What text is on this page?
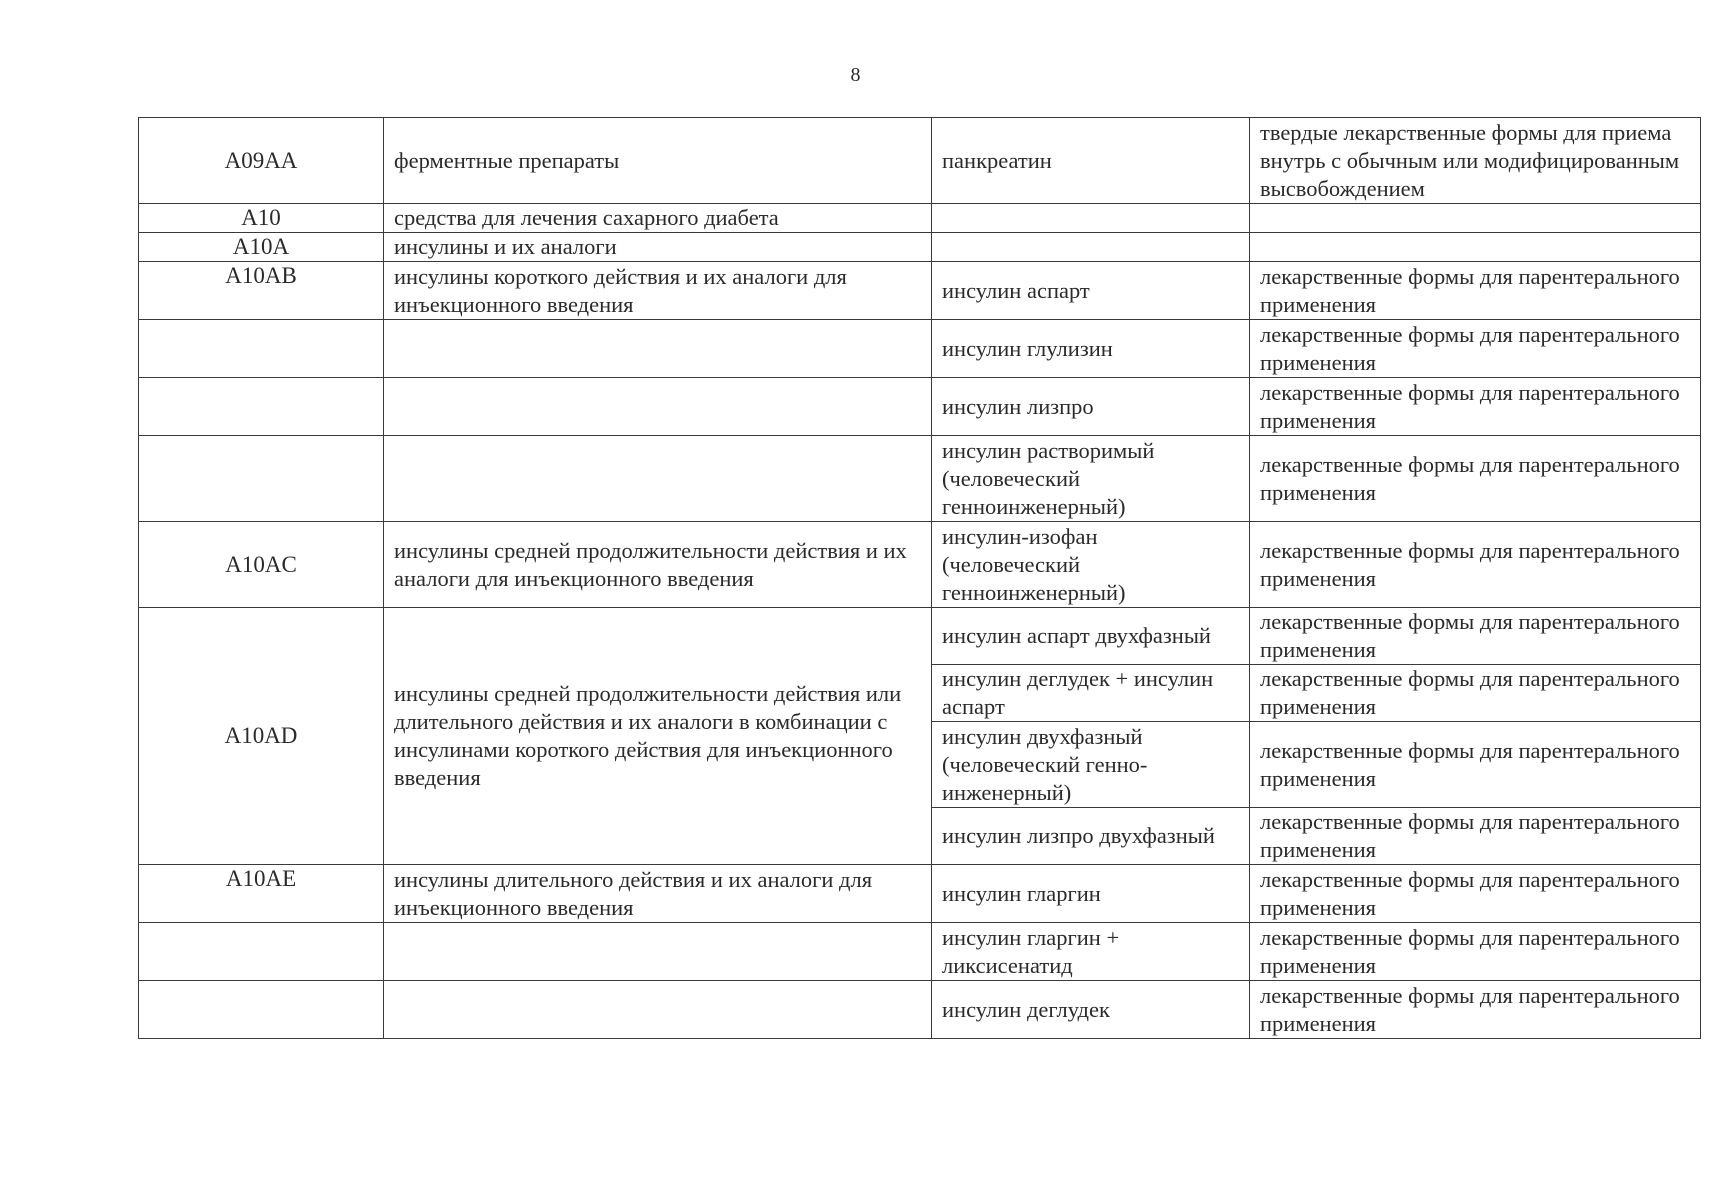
8
A09AA	ферментные препараты	панкреатин	твердые лекарственные формы для приема внутрь с обычным или модифицированным высвобождением
A10	средства для лечения сахарного диабета		
A10A	инсулины и их аналоги		
A10AB	инсулины короткого действия и их аналоги для инъекционного введения	инсулин аспарт	лекарственные формы для парентерального применения
		инсулин глулизин	лекарственные формы для парентерального применения
		инсулин лизпро	лекарственные формы для парентерального применения
		инсулин растворимый (человеческий генноинженерный)	лекарственные формы для парентерального применения
A10AC	инсулины средней продолжительности действия и их аналоги для инъекционного введения	инсулин-изофан (человеческий генноинженерный)	лекарственные формы для парентерального применения
A10AD	инсулины средней продолжительности действия или длительного действия и их аналоги в комбинации с инсулинами короткого действия для инъекционного введения	инсулин аспарт двухфазный	лекарственные формы для парентерального применения
		инсулин деглудек + инсулин аспарт	лекарственные формы для парентерального применения
		инсулин двухфазный (человеческий генно-инженерный)	лекарственные формы для парентерального применения
		инсулин лизпро двухфазный	лекарственные формы для парентерального применения
A10AE	инсулины длительного действия и их аналоги для инъекционного введения	инсулин гларгин	лекарственные формы для парентерального применения
		инсулин гларгин + ликсисенатид	лекарственные формы для парентерального применения
		инсулин деглудек	лекарственные формы для парентерального применения
